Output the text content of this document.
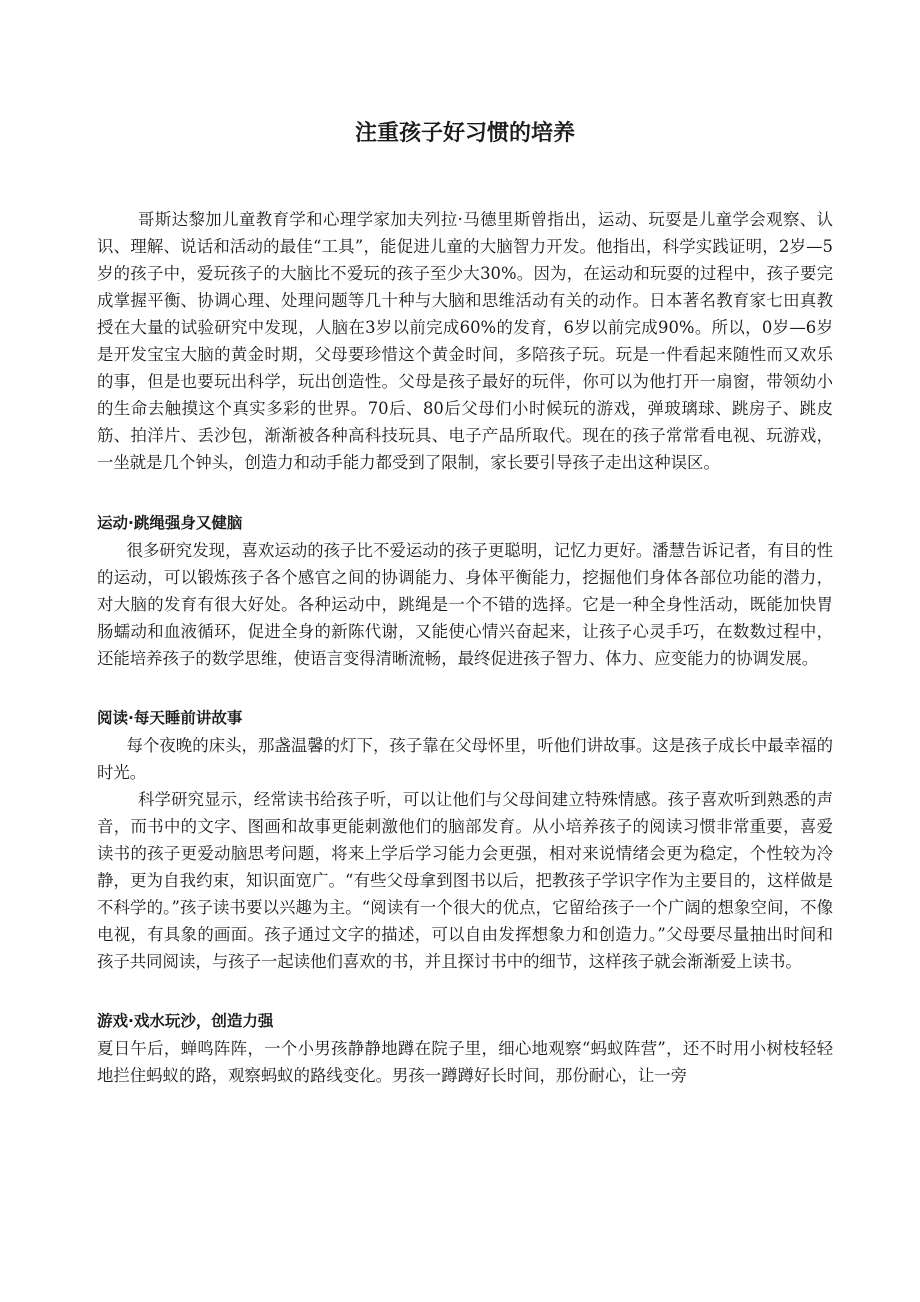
注重孩子好习惯的培养

哥斯达黎加儿童教育学和心理学家加夫列拉·马德里斯曾指出，运动、玩耍是儿童学会观察、认识、理解、说话和活动的最佳“工具”，能促进儿童的大脑智力开发。他指出，科学实践证明，2岁—5岁的孩子中，爱玩孩子的大脑比不爱玩的孩子至少大30%。因为，在运动和玩耍的过程中，孩子要完成掌握平衡、协调心理、处理问题等几十种与大脑和思维活动有关的动作。日本著名教育家七田真教授在大量的试验研究中发现，人脑在3岁以前完成60%的发育，6岁以前完成90%。所以，0岁—6岁是开发宝宝大脑的黄金时期，父母要珍惜这个黄金时间，多陪孩子玩。玩是一件看起来随性而又欢乐的事，但是也要玩出科学，玩出创造性。父母是孩子最好的玩伴，你可以为他打开一扇窗，带领幼小的生命去触摸这个真实多彩的世界。70后、80后父母们小时候玩的游戏，弹玻璃球、跳房子、跳皮筋、拍洋片、丢沙包，渐渐被各种高科技玩具、电子产品所取代。现在的孩子常常看电视、玩游戏，一坐就是几个钟头，创造力和动手能力都受到了限制，家长要引导孩子走出这种误区。

运动·跳绳强身又健脑

很多研究发现，喜欢运动的孩子比不爱运动的孩子更聪明，记忆力更好。潘慧告诉记者，有目的性的运动，可以锻炼孩子各个感官之间的协调能力、身体平衡能力，挖掘他们身体各部位功能的潜力，对大脑的发育有很大好处。各种运动中，跳绳是一个不错的选择。它是一种全身性活动，既能加快胃肠蠕动和血液循环，促进全身的新陈代谢，又能使心情兴奋起来，让孩子心灵手巧，在数数过程中，还能培养孩子的数学思维，使语言变得清晰流畅，最终促进孩子智力、体力、应变能力的协调发展。

阅读·每天睡前讲故事

每个夜晚的床头，那盏温馨的灯下，孩子靠在父母怀里，听他们讲故事。这是孩子成长中最幸福的时光。

科学研究显示，经常读书给孩子听，可以让他们与父母间建立特殊情感。孩子喜欢听到熟悉的声音，而书中的文字、图画和故事更能刺激他们的脑部发育。从小培养孩子的阅读习惯非常重要，喜爱读书的孩子更爱动脑思考问题，将来上学后学习能力会更强，相对来说情绪会更为稳定，个性较为冷静，更为自我约束，知识面宽广。“有些父母拿到图书以后，把教孩子学识字作为主要目的，这样做是不科学的。”孩子读书要以兴趣为主。“阅读有一个很大的优点，它留给孩子一个广阔的想象空间，不像电视，有具象的画面。孩子通过文字的描述，可以自由发挥想象力和创造力。”父母要尽量抽出时间和孩子共同阅读，与孩子一起读他们喜欢的书，并且探讨书中的细节，这样孩子就会渐渐爱上读书。

游戏·戏水玩沙，创造力强

夏日午后，蝉鸣阵阵，一个小男孩静静地蹲在院子里，细心地观察“蚂蚁阵营”，还不时用小树枝轻轻地拦住蚂蚁的路，观察蚂蚁的路线变化。男孩一蹲蹲好长时间，那份耐心，让一旁
